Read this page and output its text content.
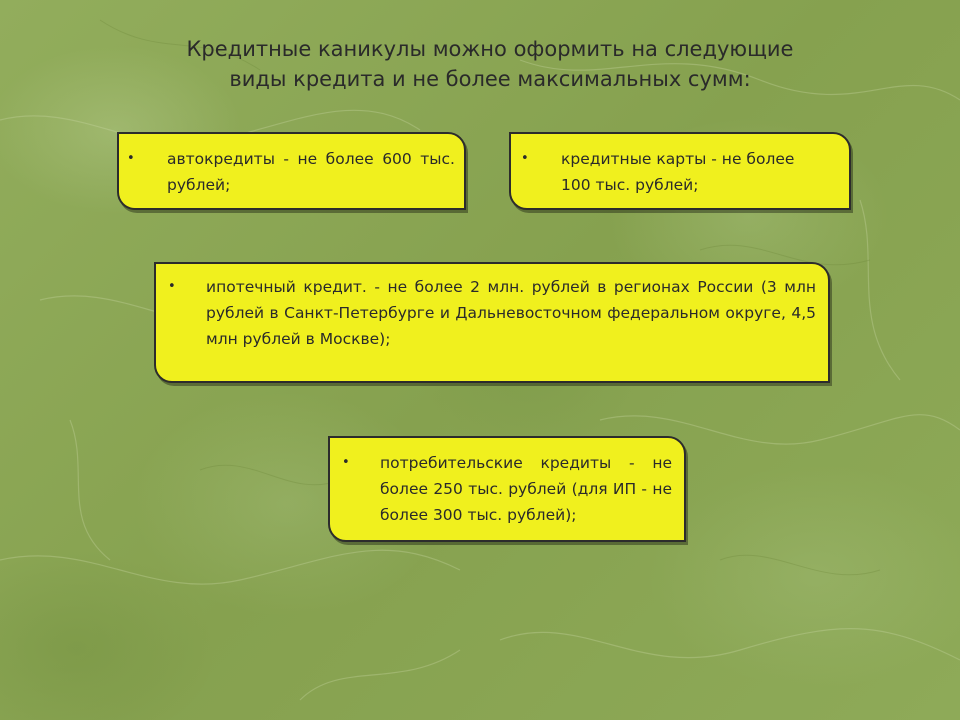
Кредитные каникулы можно оформить на следующие
виды кредита и не более максимальных сумм:
• автокредиты - не более 600 тыс. рублей;
• кредитные карты - не более 100 тыс. рублей;
• ипотечный кредит. - не более 2 млн. рублей в регионах России (3 млн рублей в Санкт-Петербурге и Дальневосточном федеральном округе, 4,5 млн рублей в Москве);
• потребительские кредиты - не более 250 тыс. рублей (для ИП - не более 300 тыс. рублей);
